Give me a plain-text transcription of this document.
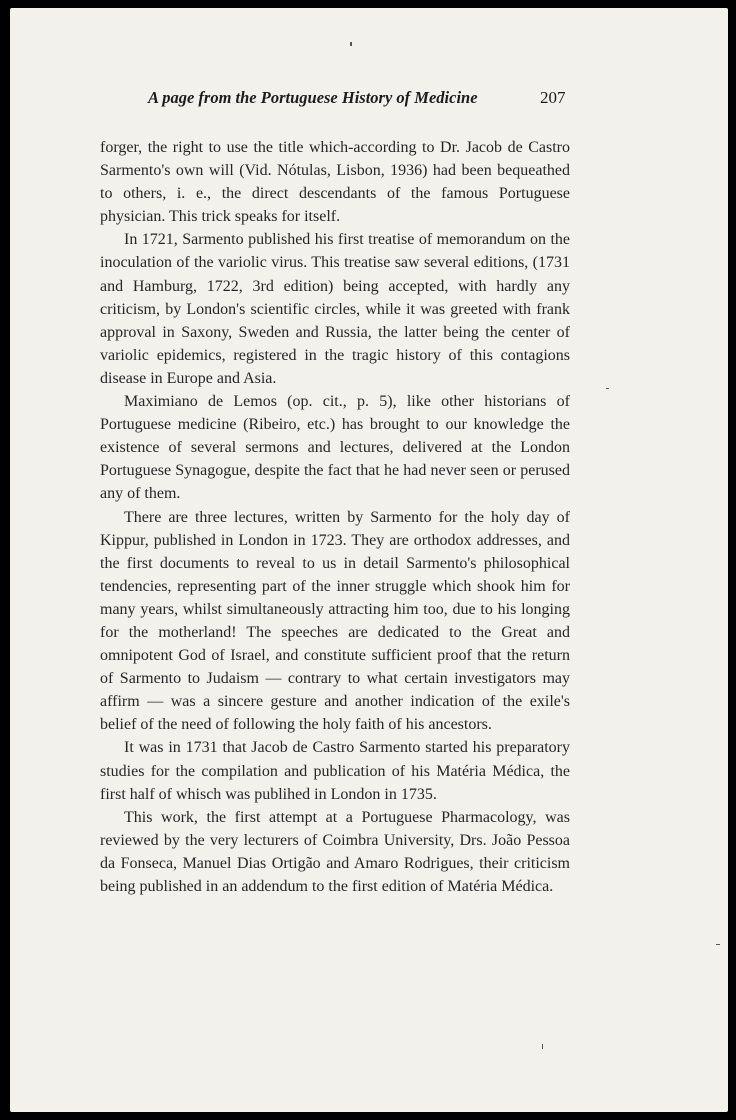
A page from the Portuguese History of Medicine	207

forger, the right to use the title which-according to Dr. Jacob de Castro Sarmento's own will (Vid. Nótulas, Lisbon, 1936) had been bequeathed to others, i. e., the direct descendants of the famous Portuguese physician. This trick speaks for itself.

In 1721, Sarmento published his first treatise of memorandum on the inoculation of the variolic virus. This treatise saw several editions, (1731 and Hamburg, 1722, 3rd edition) being accepted, with hardly any criticism, by London's scientific circles, while it was greeted with frank approval in Saxony, Sweden and Russia, the latter being the center of variolic epidemics, registered in the tragic history of this contagions disease in Europe and Asia.

Maximiano de Lemos (op. cit., p. 5), like other historians of Portuguese medicine (Ribeiro, etc.) has brought to our knowledge the existence of several sermons and lectures, delivered at the London Portuguese Synagogue, despite the fact that he had never seen or perused any of them.

There are three lectures, written by Sarmento for the holy day of Kippur, published in London in 1723. They are orthodox addresses, and the first documents to reveal to us in detail Sarmento's philosophical tendencies, representing part of the inner struggle which shook him for many years, whilst simultaneously attracting him too, due to his longing for the motherland! The speeches are dedicated to the Great and omnipotent God of Israel, and constitute sufficient proof that the return of Sarmento to Judaism — contrary to what certain investigators may affirm — was a sincere gesture and another indication of the exile's belief of the need of following the holy faith of his ancestors.

It was in 1731 that Jacob de Castro Sarmento started his preparatory studies for the compilation and publication of his Matéria Médica, the first half of whisch was publihed in London in 1735.

This work, the first attempt at a Portuguese Pharmacology, was reviewed by the very lecturers of Coimbra University, Drs. João Pessoa da Fonseca, Manuel Dias Ortigão and Amaro Rodrigues, their criticism being published in an addendum to the first edition of Matéria Médica.
